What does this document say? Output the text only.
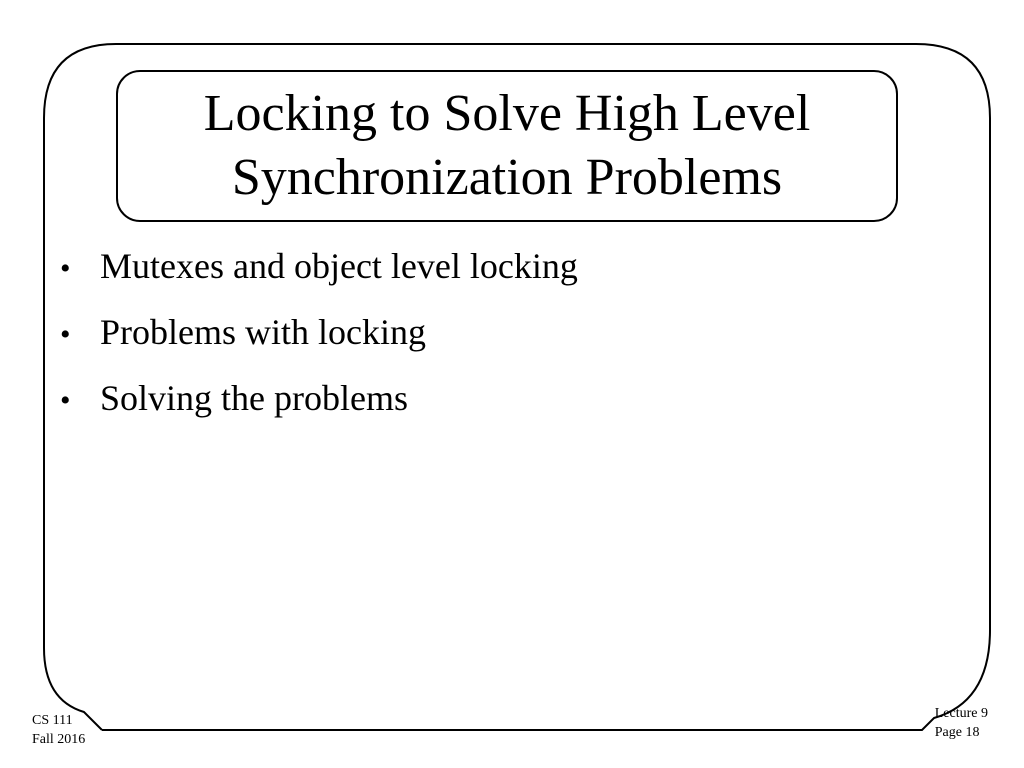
Locking to Solve High Level
Synchronization Problems
• Mutexes and object level locking
• Problems with locking
• Solving the problems
CS 111
Fall 2016
Lecture 9
Page 18
